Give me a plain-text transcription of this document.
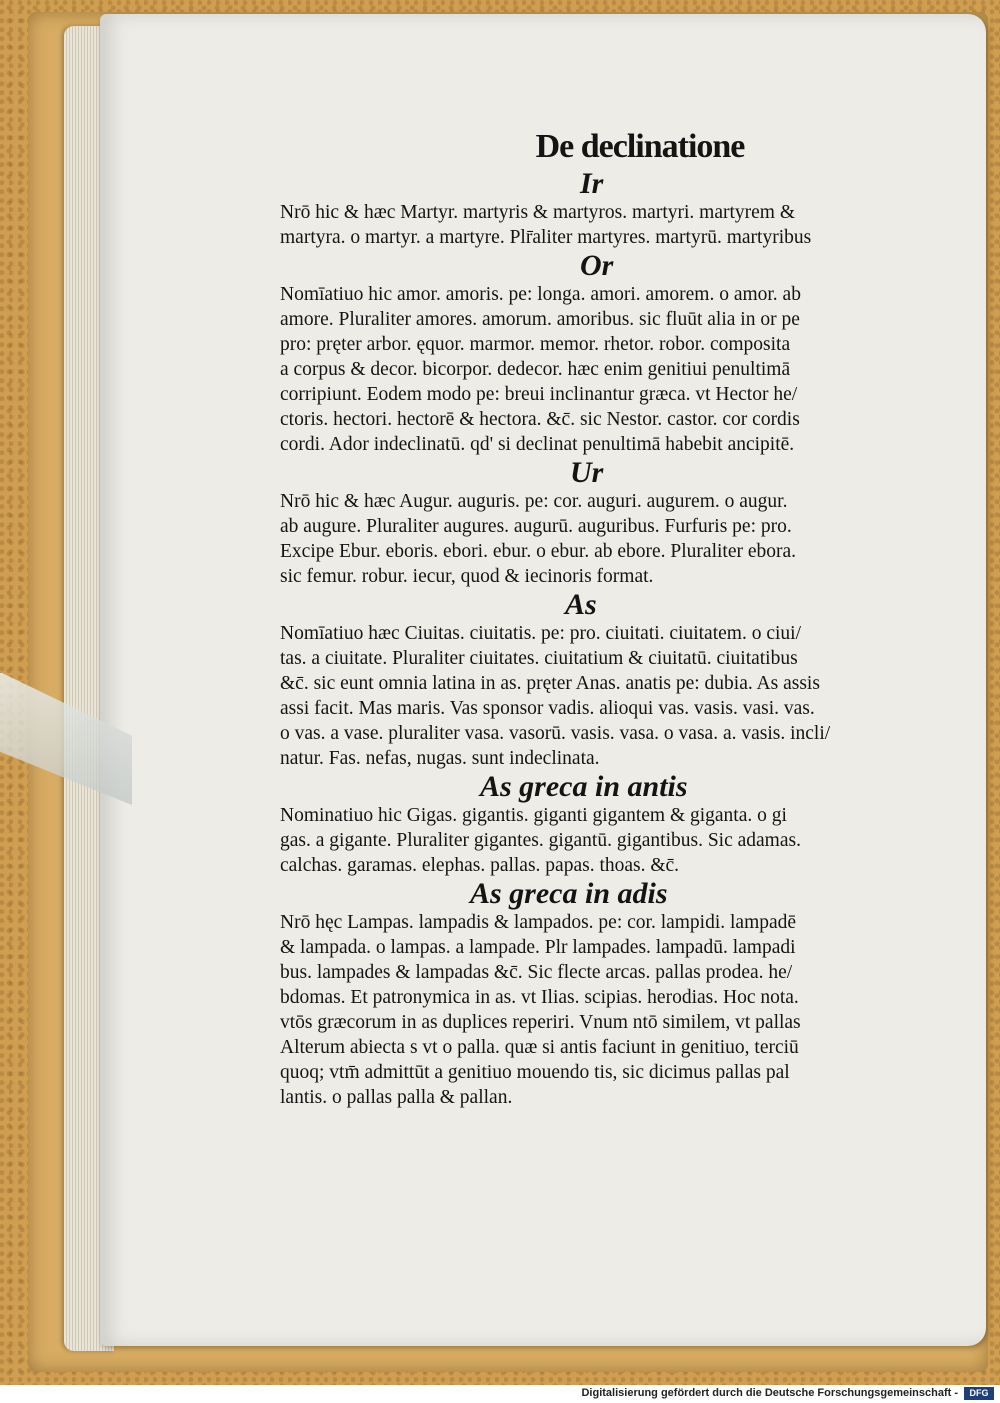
De declinatione
Ir
Nrō hic & hæc Martyr. martyris & martyros. martyri. martyrem &
martyra. o martyr. a martyre. Plr̄aliter martyres. martyrū. martyribus
Or
Nomīatiuo hic amor. amoris. pe: longa. amori. amorem. o amor. ab
amore. Pluraliter amores. amorum. amoribus. sic fluūt alia in or pe
pro: pręter arbor. ęquor. marmor. memor. rhetor. robor. composita
a corpus & decor. bicorpor. dedecor. hæc enim genitiui penultimā
corripiunt. Eodem modo pe: breui inclinantur græca. vt Hector he/
ctoris. hectori. hectorē & hectora. &c̄. sic Nestor. castor. cor cordis
cordi. Ador indeclinatū. qd' si declinat penultimā habebit ancipitē.
Ur
Nrō hic & hæc Augur. auguris. pe: cor. auguri. augurem. o augur.
ab augure. Pluraliter augures. augurū. auguribus. Furfuris pe: pro.
Excipe Ebur. eboris. ebori. ebur. o ebur. ab ebore. Pluraliter ebora.
sic femur. robur. iecur, quod & iecinoris format.
As
Nomīatiuo hæc Ciuitas. ciuitatis. pe: pro. ciuitati. ciuitatem. o ciui/
tas. a ciuitate. Pluraliter ciuitates. ciuitatium & ciuitatū. ciuitatibus
&c̄. sic eunt omnia latina in as. pręter Anas. anatis pe: dubia. As assis
assi facit. Mas maris. Vas sponsor vadis. alioqui vas. vasis. vasi. vas.
o vas. a vase. pluraliter vasa. vasorū. vasis. vasa. o vasa. a. vasis. incli/
natur. Fas. nefas, nugas. sunt indeclinata.
As greca in antis
Nominatiuo hic Gigas. gigantis. giganti gigantem & giganta. o gi
gas. a gigante. Pluraliter gigantes. gigantū. gigantibus. Sic adamas.
calchas. garamas. elephas. pallas. papas. thoas. &c̄.
As greca in adis
Nrō hęc Lampas. lampadis & lampados. pe: cor. lampidi. lampadē
& lampada. o lampas. a lampade. Plr lampades. lampadū. lampadi
bus. lampades & lampadas &c̄. Sic flecte arcas. pallas prodea. he/
bdomas. Et patronymica in as. vt Ilias. scipias. herodias. Hoc nota.
vtōs græcorum in as duplices reperiri. Vnum ntō similem, vt pallas
Alterum abiecta s vt o palla. quæ si antis faciunt in genitiuo, terciū
quoq; vtm̄ admittūt a genitiuo mouendo tis, sic dicimus pallas pal
lantis. o pallas palla & pallan.
Digitalisierung gefördert durch die Deutsche Forschungsgemeinschaft -	DFG
